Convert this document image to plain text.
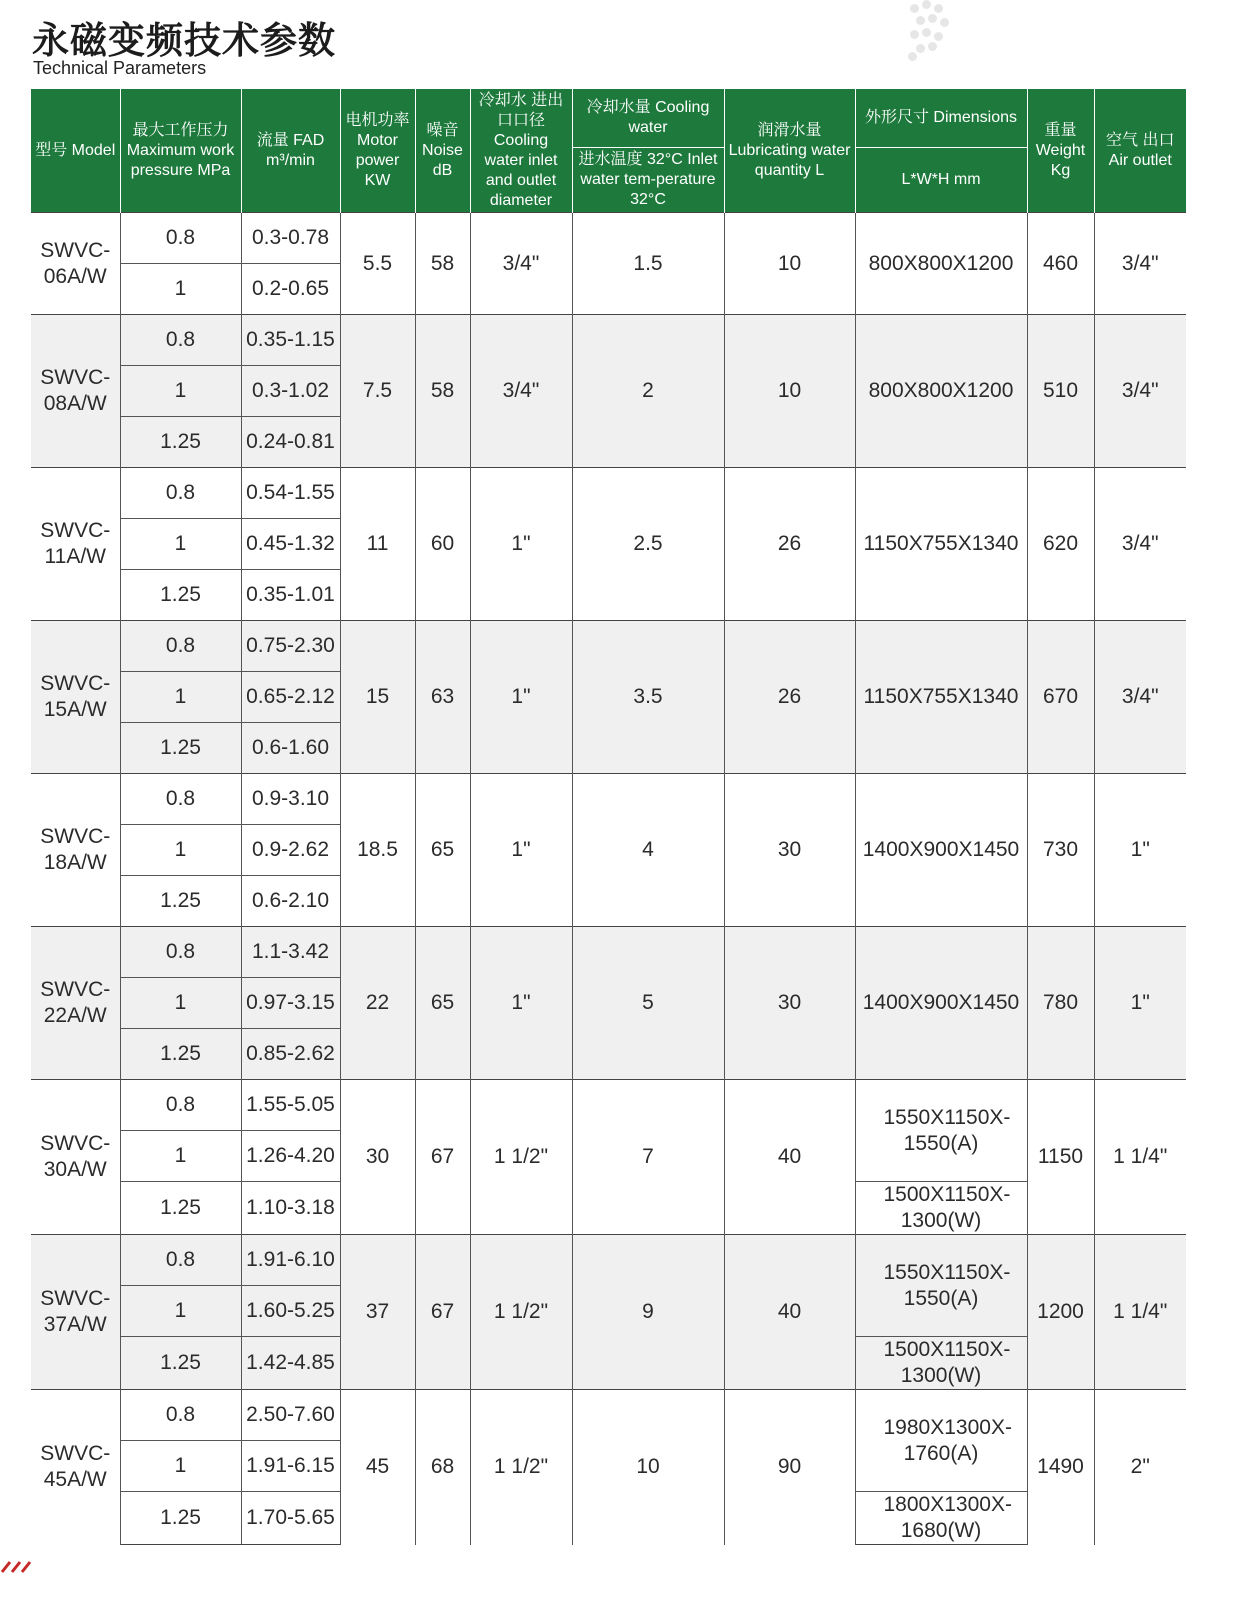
永磁变频技术参数
Technical Parameters
型号 Model	最大工作压力 Maximum work pressure MPa	流量 FAD m³/min	电机功率 Motor power KW	噪音 Noise dB	冷却水 进出口口径 Cooling water inlet and outlet diameter	冷却水量 Cooling water	润滑水量 Lubricating water quantity L	外形尺寸 Dimensions	重量 Weight Kg	空气 出口 Air outlet
						进水温度 32°C Inlet water tem-perature 32°C		L*W*H mm		
SWVC-06A/W	0.8	0.3-0.78	5.5	58	3/4"	1.5	10	800X800X1200	460	3/4"
	1	0.2-0.65								
SWVC-08A/W	0.8	0.35-1.15	7.5	58	3/4"	2	10	800X800X1200	510	3/4"
	1	0.3-1.02								
	1.25	0.24-0.81								
SWVC-11A/W	0.8	0.54-1.55	11	60	1"	2.5	26	1150X755X1340	620	3/4"
	1	0.45-1.32								
	1.25	0.35-1.01								
SWVC-15A/W	0.8	0.75-2.30	15	63	1"	3.5	26	1150X755X1340	670	3/4"
	1	0.65-2.12								
	1.25	0.6-1.60								
SWVC-18A/W	0.8	0.9-3.10	18.5	65	1"	4	30	1400X900X1450	730	1"
	1	0.9-2.62								
	1.25	0.6-2.10								
SWVC-22A/W	0.8	1.1-3.42	22	65	1"	5	30	1400X900X1450	780	1"
	1	0.97-3.15								
	1.25	0.85-2.62								
SWVC-30A/W	0.8	1.55-5.05	30	67	1 1/2"	7	40	1550X1150X-1550(A)	1150	1 1/4"
	1	1.26-4.20								
	1.25	1.10-3.18						1500X1150X-1300(W)		
SWVC-37A/W	0.8	1.91-6.10	37	67	1 1/2"	9	40	1550X1150X-1550(A)	1200	1 1/4"
	1	1.60-5.25								
	1.25	1.42-4.85						1500X1150X-1300(W)		
SWVC-45A/W	0.8	2.50-7.60	45	68	1 1/2"	10	90	1980X1300X-1760(A)	1490	2"
	1	1.91-6.15								
	1.25	1.70-5.65						1800X1300X-1680(W)		
